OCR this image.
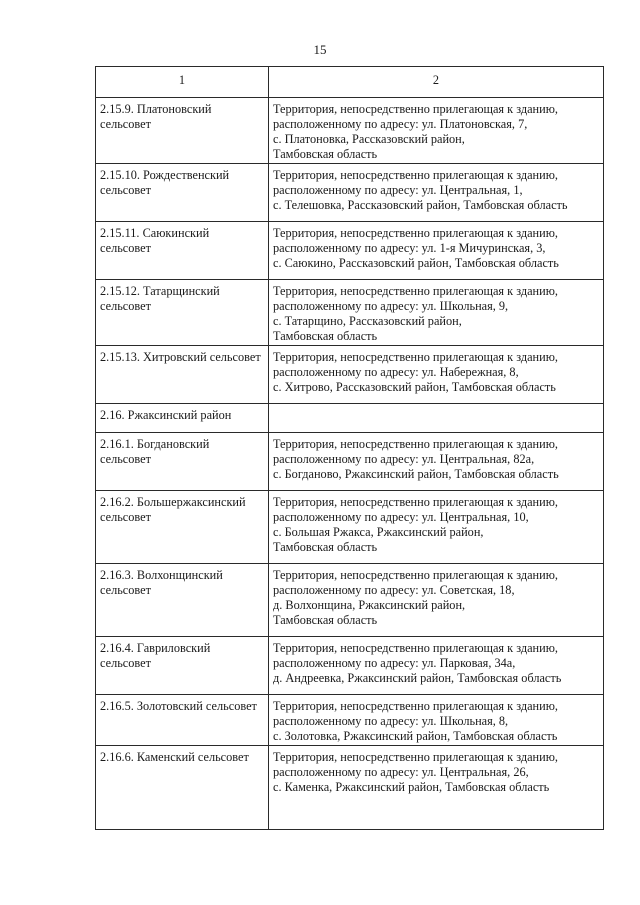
15
1	2

2.15.9. Платоновский
сельсовет	Территория, непосредственно прилегающая к зданию,
расположенному по адресу: ул. Платоновская, 7,
с. Платоновка, Рассказовский район,
Тамбовская область

2.15.10. Рождественский
сельсовет	Территория, непосредственно прилегающая к зданию,
расположенному по адресу: ул. Центральная, 1,
с. Телешовка, Рассказовский район, Тамбовская область

2.15.11. Саюкинский
сельсовет	Территория, непосредственно прилегающая к зданию,
расположенному по адресу: ул. 1-я Мичуринская, 3,
с. Саюкино, Рассказовский район, Тамбовская область

2.15.12. Татарщинский
сельсовет	Территория, непосредственно прилегающая к зданию,
расположенному по адресу: ул. Школьная, 9,
с. Татарщино, Рассказовский район,
Тамбовская область

2.15.13. Хитровский сельсовет	Территория, непосредственно прилегающая к зданию,
расположенному по адресу: ул. Набережная, 8,
с. Хитрово, Рассказовский район, Тамбовская область

2.16. Ржаксинский район	

2.16.1. Богдановский
сельсовет	Территория, непосредственно прилегающая к зданию,
расположенному по адресу: ул. Центральная, 82а,
с. Богданово, Ржаксинский район, Тамбовская область

2.16.2. Большержаксинский
сельсовет	Территория, непосредственно прилегающая к зданию,
расположенному по адресу: ул. Центральная, 10,
с. Большая Ржакса, Ржаксинский район,
Тамбовская область

2.16.3. Волхонщинский
сельсовет	Территория, непосредственно прилегающая к зданию,
расположенному по адресу: ул. Советская, 18,
д. Волхонщина, Ржаксинский район,
Тамбовская область

2.16.4. Гавриловский
сельсовет	Территория, непосредственно прилегающая к зданию,
расположенному по адресу: ул. Парковая, 34а,
д. Андреевка, Ржаксинский район, Тамбовская область

2.16.5. Золотовский сельсовет	Территория, непосредственно прилегающая к зданию,
расположенному по адресу: ул. Школьная, 8,
с. Золотовка, Ржаксинский район, Тамбовская область

2.16.6. Каменский сельсовет	Территория, непосредственно прилегающая к зданию,
расположенному по адресу: ул. Центральная, 26,
с. Каменка, Ржаксинский район, Тамбовская область
